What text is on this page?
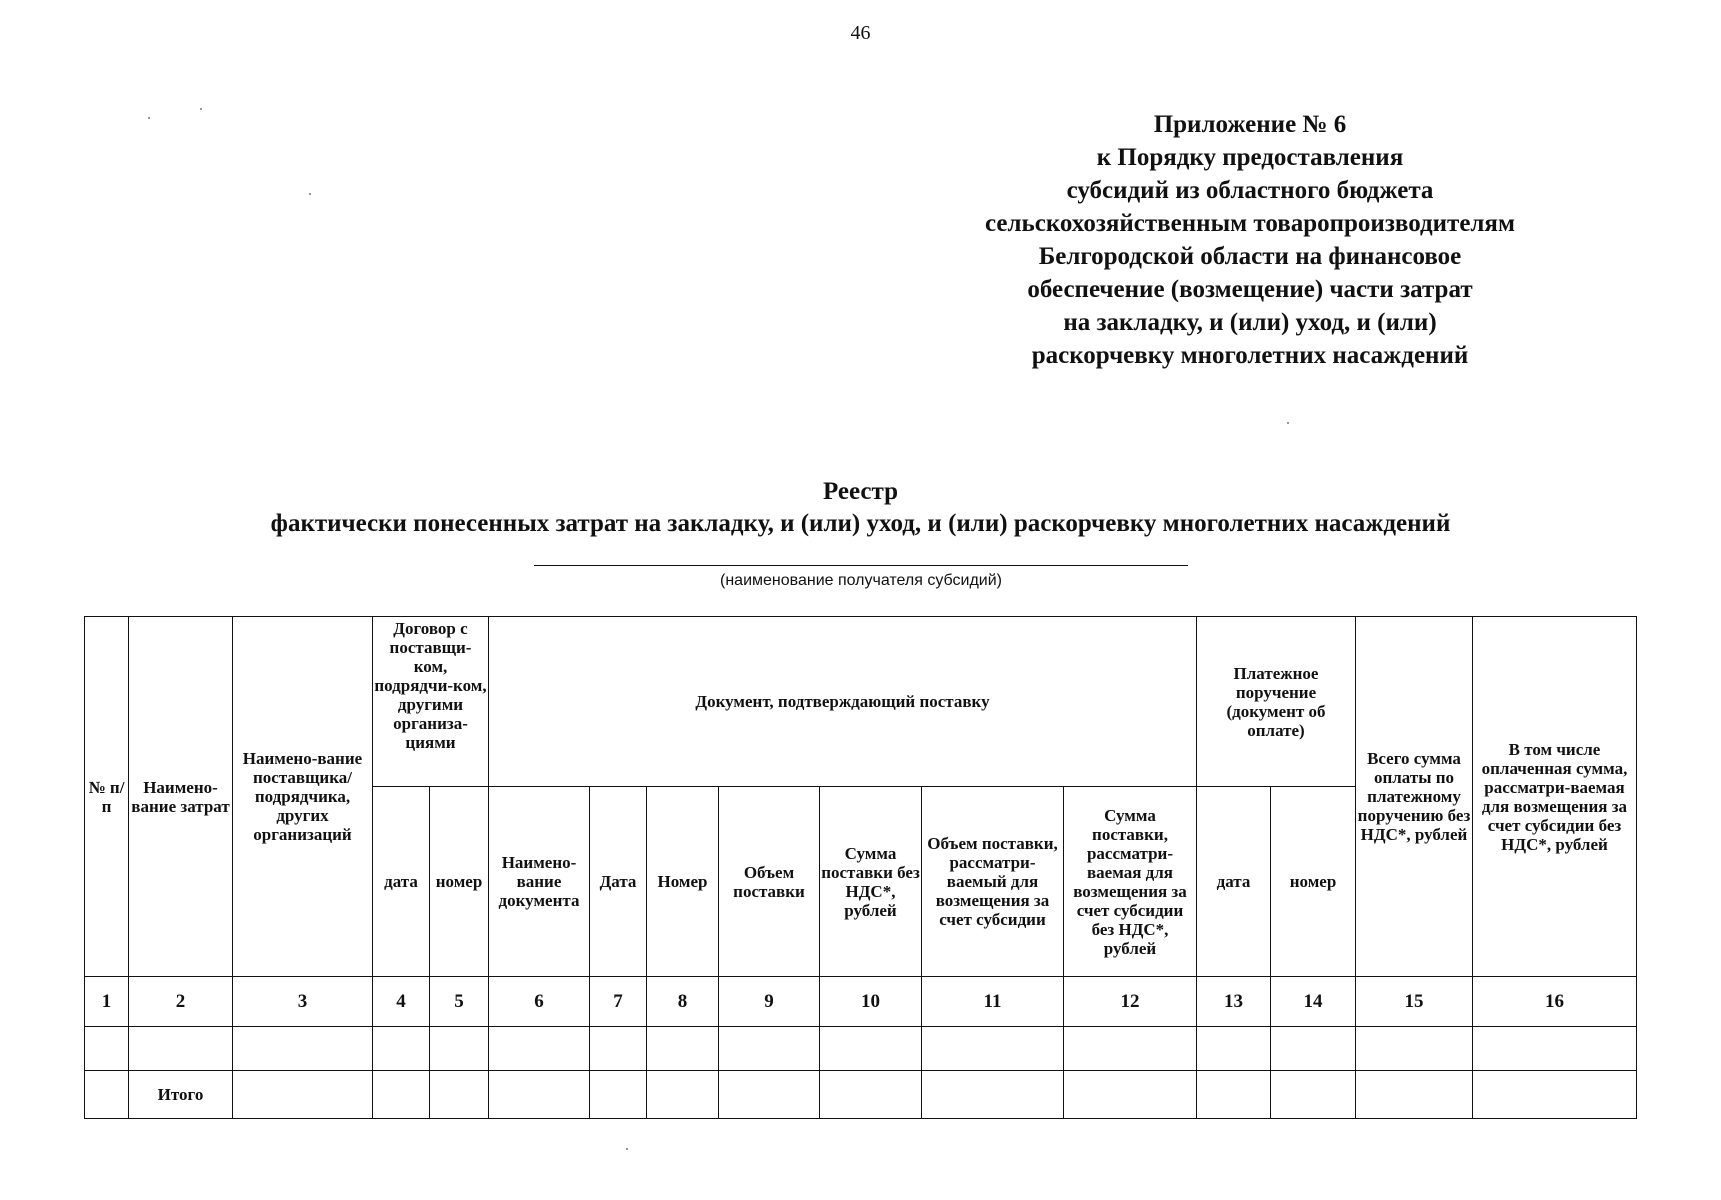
46
Приложение № 6
к Порядку предоставления
субсидий из областного бюджета
сельскохозяйственным товаропроизводителям
Белгородской области на финансовое
обеспечение (возмещение) части затрат
на закладку, и (или) уход, и (или)
раскорчевку многолетних насаждений
Реестр
фактически понесенных затрат на закладку, и (или) уход, и (или) раскорчевку многолетних насаждений
(наименование получателя субсидий)
№ п/п	Наимено-вание затрат	Наимено-вание поставщика/ подрядчика, других организаций	Договор с поставщи-ком, подрядчи-ком, другими организа-циями		Документ, подтверждающий поставку							Платежное поручение (документ об оплате)		Всего сумма оплаты по платежному поручению без НДС*, рублей	В том числе оплаченная сумма, рассматри-ваемая для возмещения за счет субсидии без НДС*, рублей
			дата	номер	Наимено-вание документа	Дата	Номер	Объем поставки	Сумма поставки без НДС*, рублей	Объем поставки, рассматри-ваемый для возмещения за счет субсидии	Сумма поставки, рассматри-ваемая для возмещения за счет субсидии без НДС*, рублей	дата	номер		
1	2	3	4	5	6	7	8	9	10	11	12	13	14	15	16

	Итого														
